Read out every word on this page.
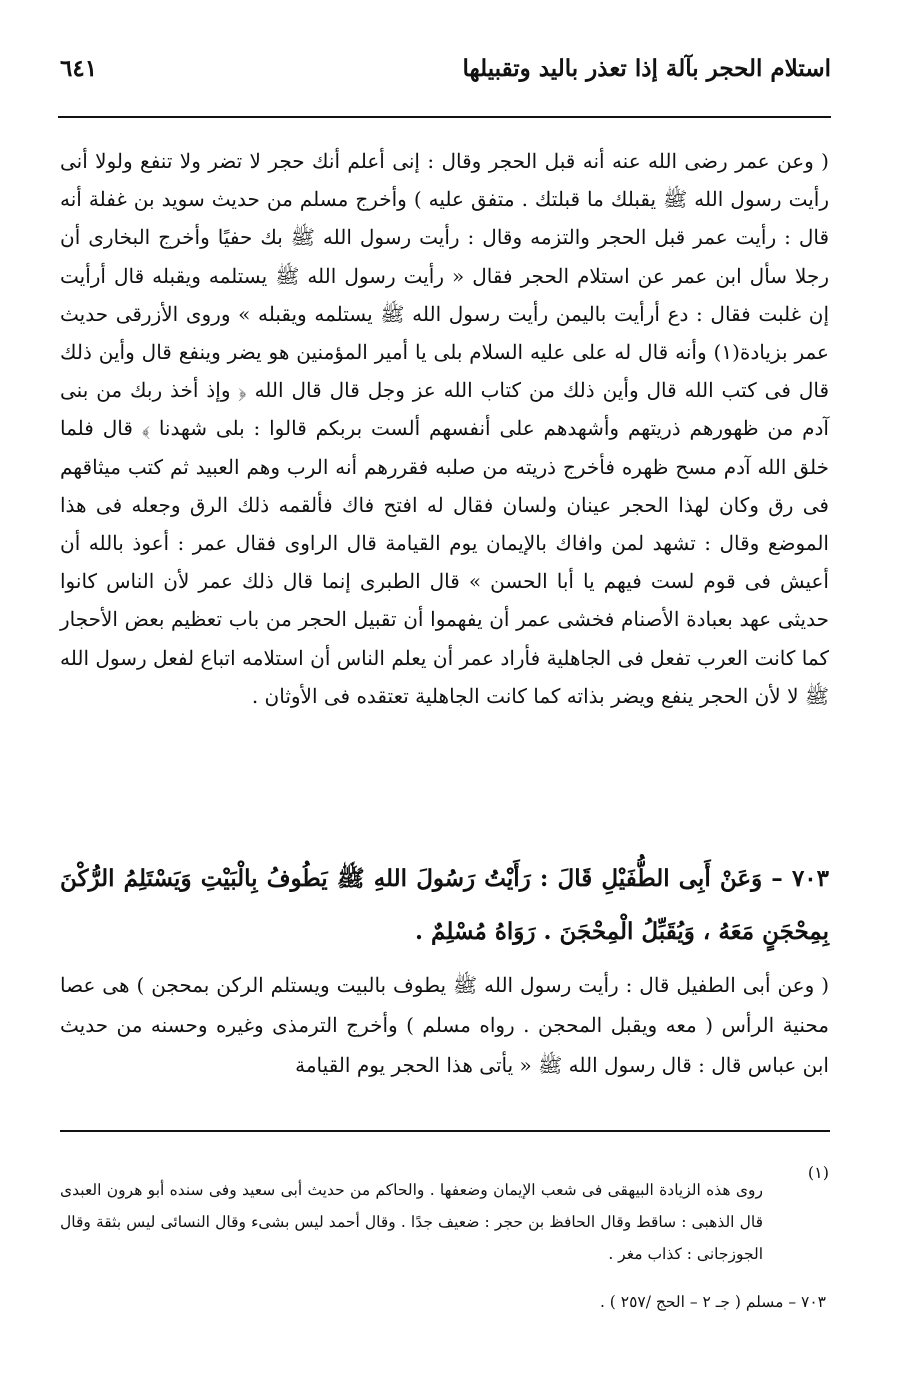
استلام الحجر بآلة إذا تعذر باليد وتقبيلها
٦٤١

( وعن عمر رضى الله عنه أنه قبل الحجر وقال : إنى أعلم أنك حجر لا تضر ولا تنفع ولولا أنى رأيت رسول الله ﷺ يقبلك ما قبلتك . متفق عليه ) وأخرج مسلم من حديث سويد بن غفلة أنه قال : رأيت عمر قبل الحجر والتزمه وقال : رأيت رسول الله ﷺ بك حفيًا وأخرج البخارى أن رجلا سأل ابن عمر عن استلام الحجر فقال « رأيت رسول الله ﷺ يستلمه ويقبله قال أرأيت إن غلبت فقال : دع أرأيت باليمن رأيت رسول الله ﷺ يستلمه ويقبله » وروى الأزرقى حديث عمر بزيادة(١) وأنه قال له على عليه السلام بلى يا أمير المؤمنين هو يضر وينفع قال وأين ذلك قال فى كتب الله قال وأين ذلك من كتاب الله عز وجل قال قال الله ﴿ وإذ أخذ ربك من بنى آدم من ظهورهم ذريتهم وأشهدهم على أنفسهم ألست بربكم قالوا : بلى شهدنا ﴾ قال فلما خلق الله آدم مسح ظهره فأخرج ذريته من صلبه فقررهم أنه الرب وهم العبيد ثم كتب ميثاقهم فى رق وكان لهذا الحجر عينان ولسان فقال له افتح فاك فألقمه ذلك الرق وجعله فى هذا الموضع وقال : تشهد لمن وافاك بالإيمان يوم القيامة قال الراوى فقال عمر : أعوذ بالله أن أعيش فى قوم لست فيهم يا أبا الحسن » قال الطبرى إنما قال ذلك عمر لأن الناس كانوا حديثى عهد بعبادة الأصنام فخشى عمر أن يفهموا أن تقبيل الحجر من باب تعظيم بعض الأحجار كما كانت العرب تفعل فى الجاهلية فأراد عمر أن يعلم الناس أن استلامه اتباع لفعل رسول الله ﷺ لا لأن الحجر ينفع ويضر بذاته كما كانت الجاهلية تعتقده فى الأوثان .

٧٠٣ – وَعَنْ أَبِى الطُّفَيْلِ قَالَ : رَأَيْتُ رَسُولَ اللهِ ﷺ يَطُوفُ بِالْبَيْتِ وَيَسْتَلِمُ الرُّكْنَ بِمِحْجَنٍ مَعَهُ ، وَيُقَبِّلُ الْمِحْجَنَ . رَوَاهُ مُسْلِمٌ .

( وعن أبى الطفيل قال : رأيت رسول الله ﷺ يطوف بالبيت ويستلم الركن بمحجن ) هى عصا محنية الرأس ( معه ويقبل المحجن . رواه مسلم ) وأخرج الترمذى وغيره وحسنه من حديث ابن عباس قال : قال رسول الله ﷺ « يأتى هذا الحجر يوم القيامة

(١)

روى هذه الزيادة البيهقى فى شعب الإيمان وضعفها . والحاكم من حديث أبى سعيد وفى سنده أبو هرون العبدى قال الذهبى : ساقط وقال الحافظ بن حجر : ضعيف جدًا . وقال أحمد ليس بشىء وقال النسائى ليس بثقة وقال الجوزجانى : كذاب مغر .

٧٠٣ – مسلم ( جـ ٢ – الحج /٢٥٧ ) .
